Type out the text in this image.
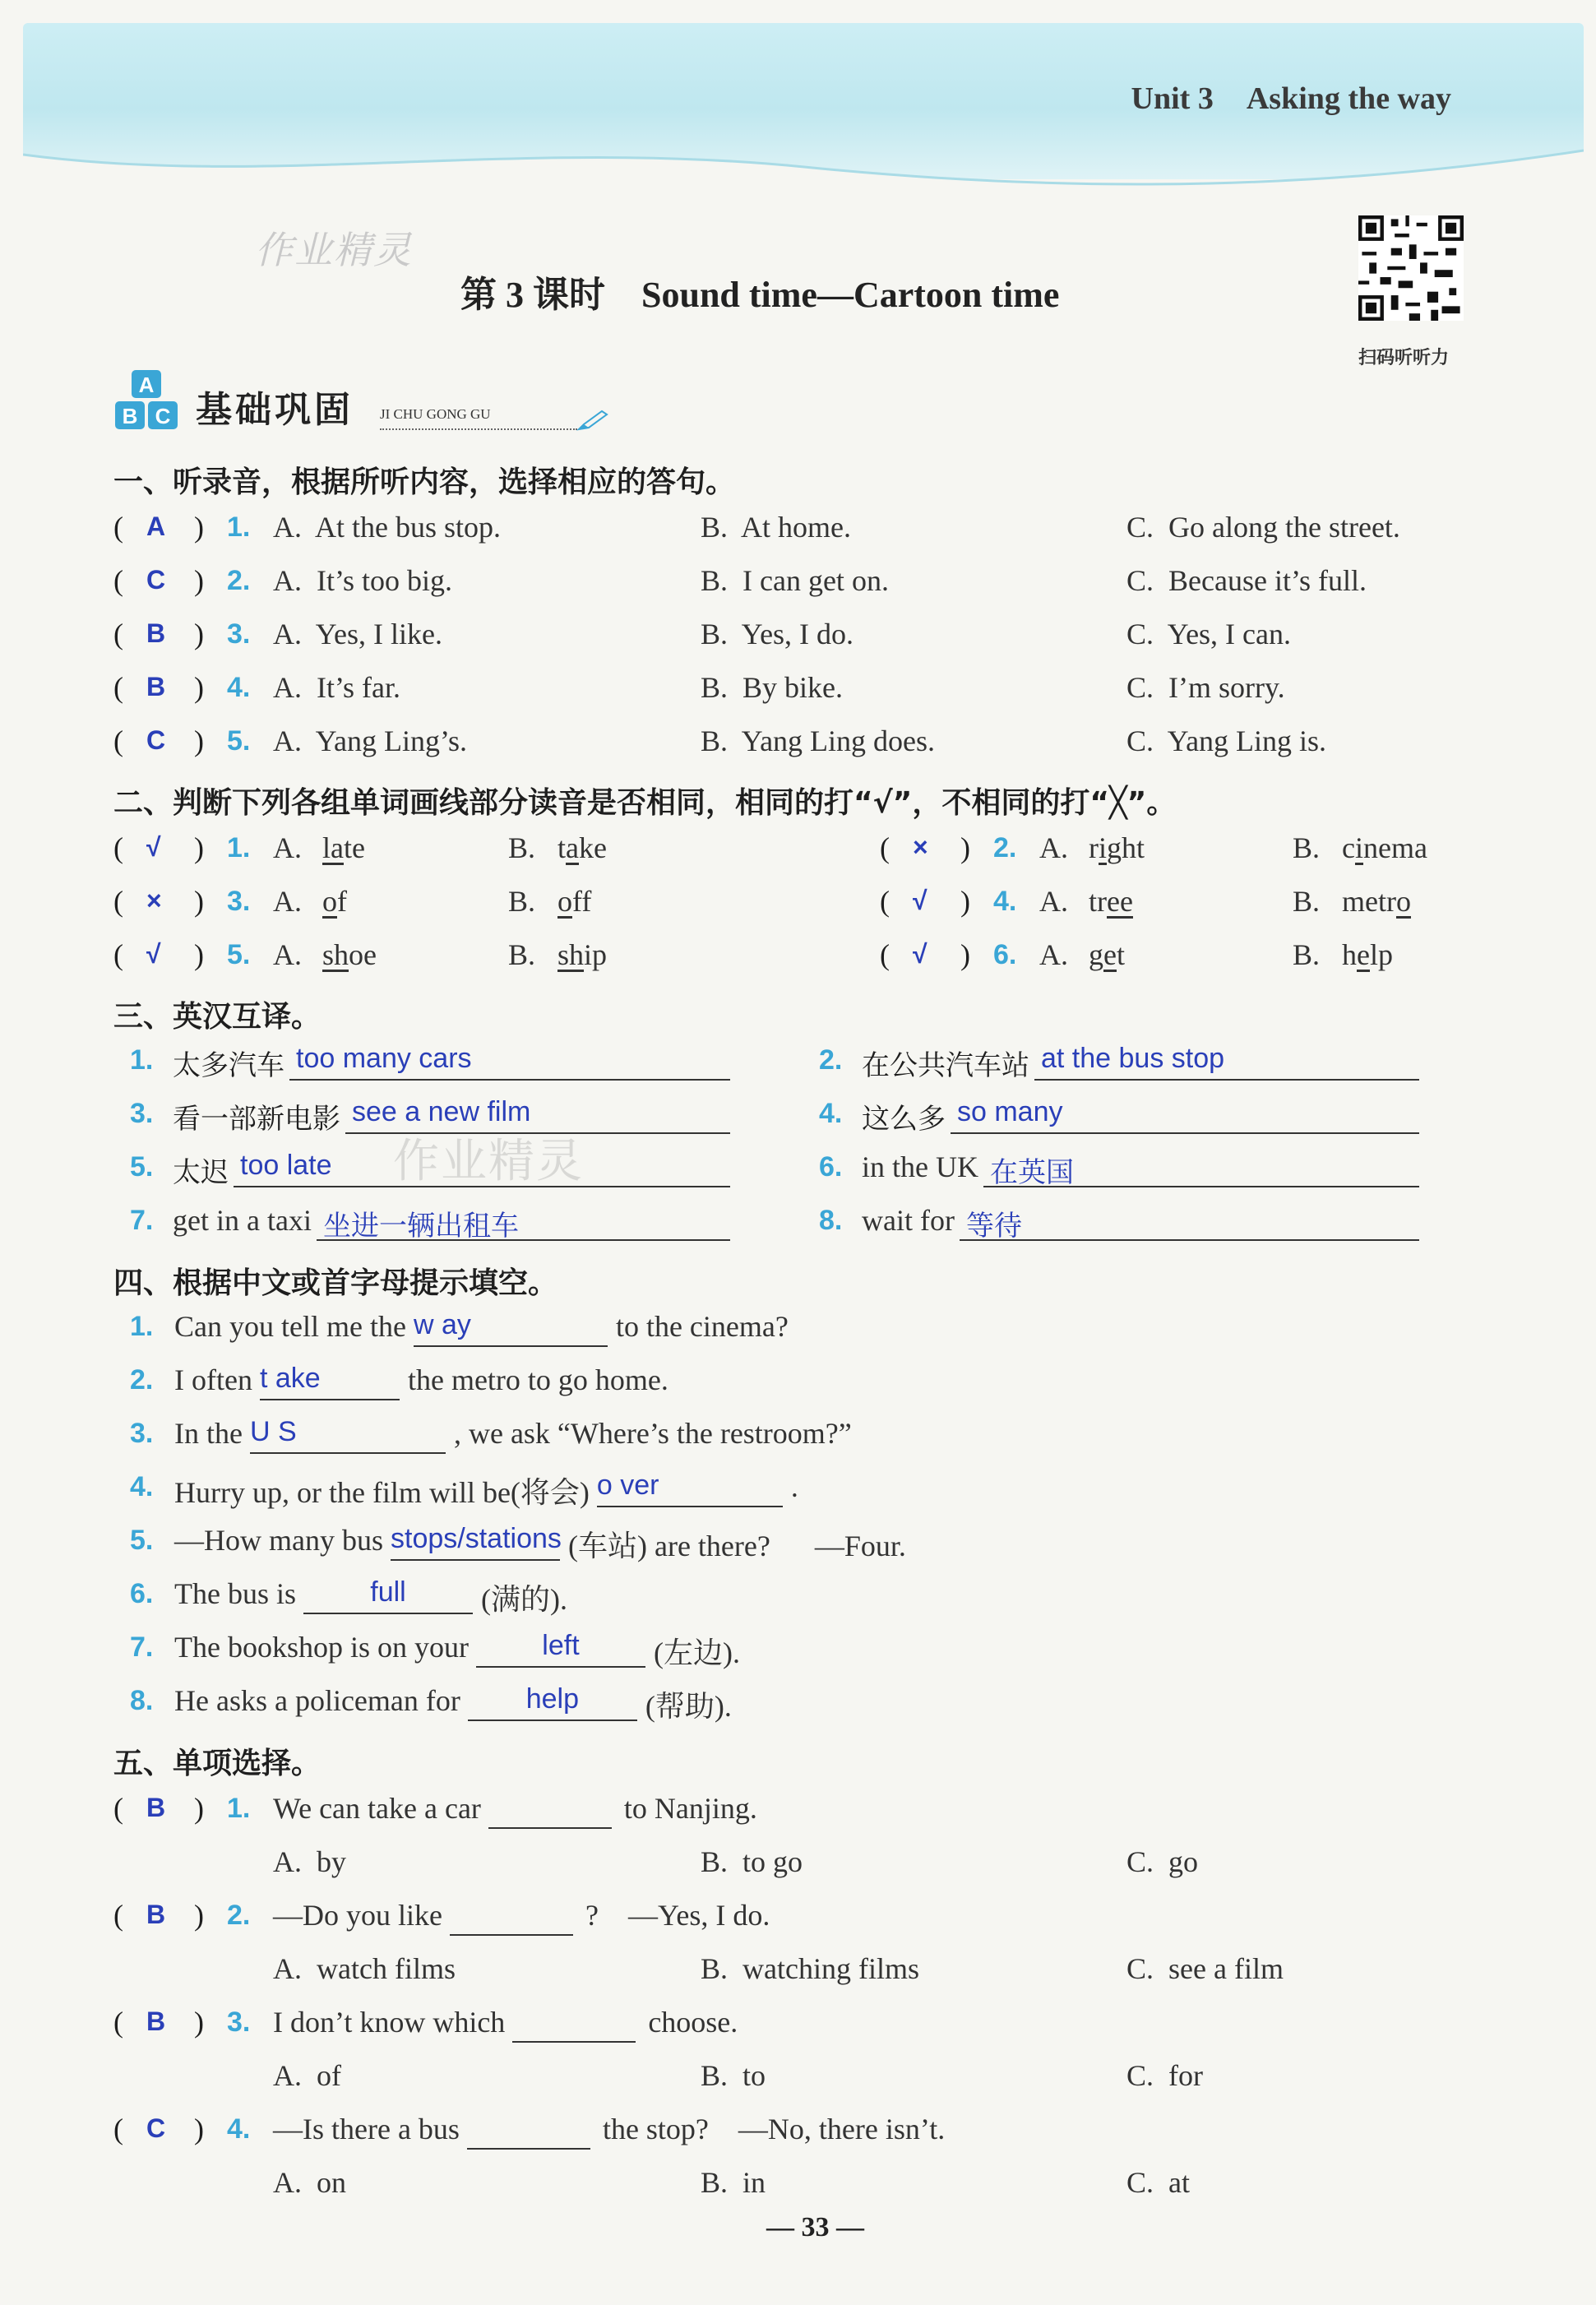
Unit 3 Asking the way
作业精灵
第 3 课时    Sound time—Cartoon time
扫码听听力
A
B C 基础巩固 JI CHU GONG GU
一、听录音，根据所听内容，选择相应的答句。
( A ) 1. A.  At the bus stop.	B.  At home.	C.  Go along the street.
( C ) 2. A.  It’s too big.	B.  I can get on.	C.  Because it’s full.
( B ) 3. A.  Yes, I like.	B.  Yes, I do.	C.  Yes, I can.
( B ) 4. A.  It’s far.	B.  By bike.	C.  I’m sorry.
( C ) 5. A.  Yang Ling’s.	B.  Yang Ling does.	C.  Yang Ling is.
二、判断下列各组单词画线部分读音是否相同，相同的打“√”，不相同的打“╳”。
( √ ) 1. A. late	B. take	( × ) 2. A. right	B. cinema
( × ) 3. A. of	B. off	( √ ) 4. A. tree	B. metro
( √ ) 5. A. shoe	B. ship	( √ ) 6. A. get	B. help
三、英汉互译。
1. 太多汽车 too many cars	2. 在公共汽车站 at the bus stop
3. 看一部新电影 see a new film	4. 这么多 so many
5. 太迟 too late	6. in the UK 在英国
7. get in a taxi 坐进一辆出租车	8. wait for 等待
作业精灵
四、根据中文或首字母提示填空。
1. Can you tell me the w ay	to the cinema?
2. I often t ake	the metro to go home.
3. In the U S	, we ask “Where’s the restroom?”
4. Hurry up, or the film will be(将会) o ver	.
5. —How many bus stops/stations (车站) are there?      —Four.
6. The bus is	full	(满的).
7. The bookshop is on your	left	(左边).
8. He asks a policeman for	help	(帮助).
五、单项选择。
( B ) 1. We can take a car	to Nanjing.
A.  by	B.  to go	C.  go
( B ) 2. —Do you like	?    —Yes, I do.
A.  watch films	B.  watching films	C.  see a film
( B ) 3. I don’t know which	choose.
A.  of	B.  to	C.  for
( C ) 4. —Is there a bus	the stop?    —No, there isn’t.
A.  on	B.  in	C.  at
— 33 —
